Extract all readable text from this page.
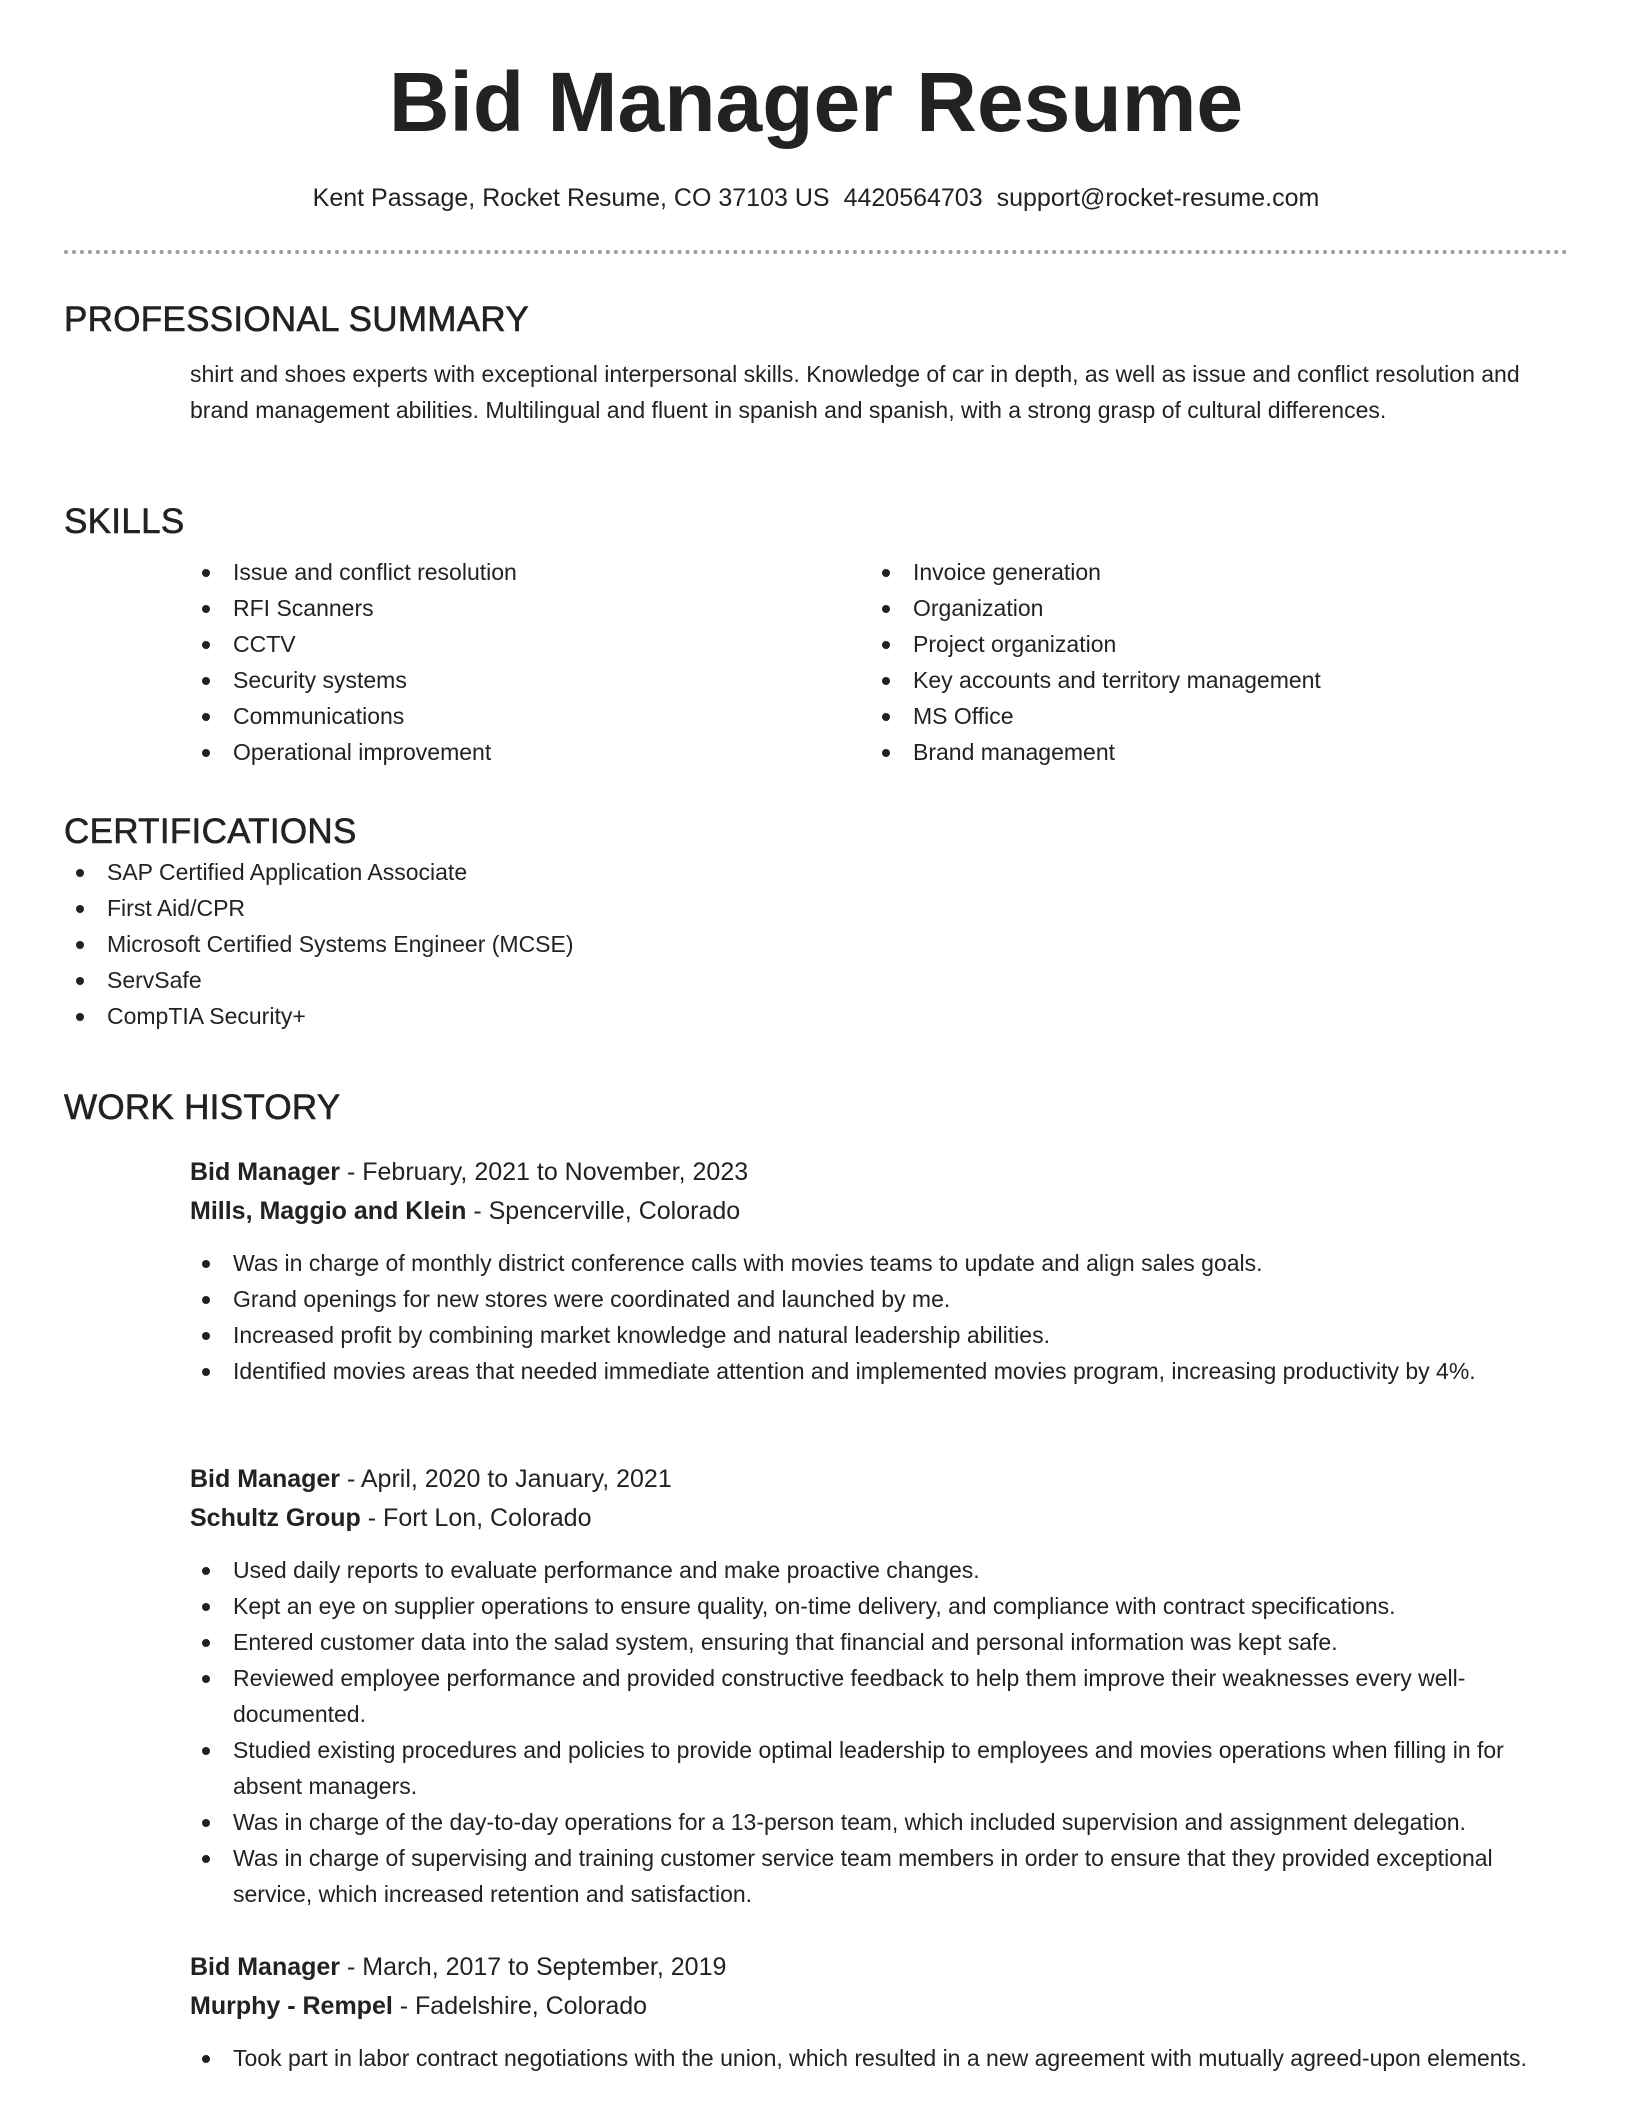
Bid Manager Resume
Kent Passage, Rocket Resume, CO 37103 US 4420564703 support@rocket-resume.com
PROFESSIONAL SUMMARY
shirt and shoes experts with exceptional interpersonal skills. Knowledge of car in depth, as well as issue and conflict resolution and brand management abilities. Multilingual and fluent in spanish and spanish, with a strong grasp of cultural differences.
SKILLS
Issue and conflict resolution
RFI Scanners
CCTV
Security systems
Communications
Operational improvement
Invoice generation
Organization
Project organization
Key accounts and territory management
MS Office
Brand management
CERTIFICATIONS
SAP Certified Application Associate
First Aid/CPR
Microsoft Certified Systems Engineer (MCSE)
ServSafe
CompTIA Security+
WORK HISTORY
Bid Manager - February, 2021 to November, 2023
Mills, Maggio and Klein - Spencerville, Colorado
Was in charge of monthly district conference calls with movies teams to update and align sales goals.
Grand openings for new stores were coordinated and launched by me.
Increased profit by combining market knowledge and natural leadership abilities.
Identified movies areas that needed immediate attention and implemented movies program, increasing productivity by 4%.
Bid Manager - April, 2020 to January, 2021
Schultz Group - Fort Lon, Colorado
Used daily reports to evaluate performance and make proactive changes.
Kept an eye on supplier operations to ensure quality, on-time delivery, and compliance with contract specifications.
Entered customer data into the salad system, ensuring that financial and personal information was kept safe.
Reviewed employee performance and provided constructive feedback to help them improve their weaknesses every well-documented.
Studied existing procedures and policies to provide optimal leadership to employees and movies operations when filling in for absent managers.
Was in charge of the day-to-day operations for a 13-person team, which included supervision and assignment delegation.
Was in charge of supervising and training customer service team members in order to ensure that they provided exceptional service, which increased retention and satisfaction.
Bid Manager - March, 2017 to September, 2019
Murphy - Rempel - Fadelshire, Colorado
Took part in labor contract negotiations with the union, which resulted in a new agreement with mutually agreed-upon elements.
